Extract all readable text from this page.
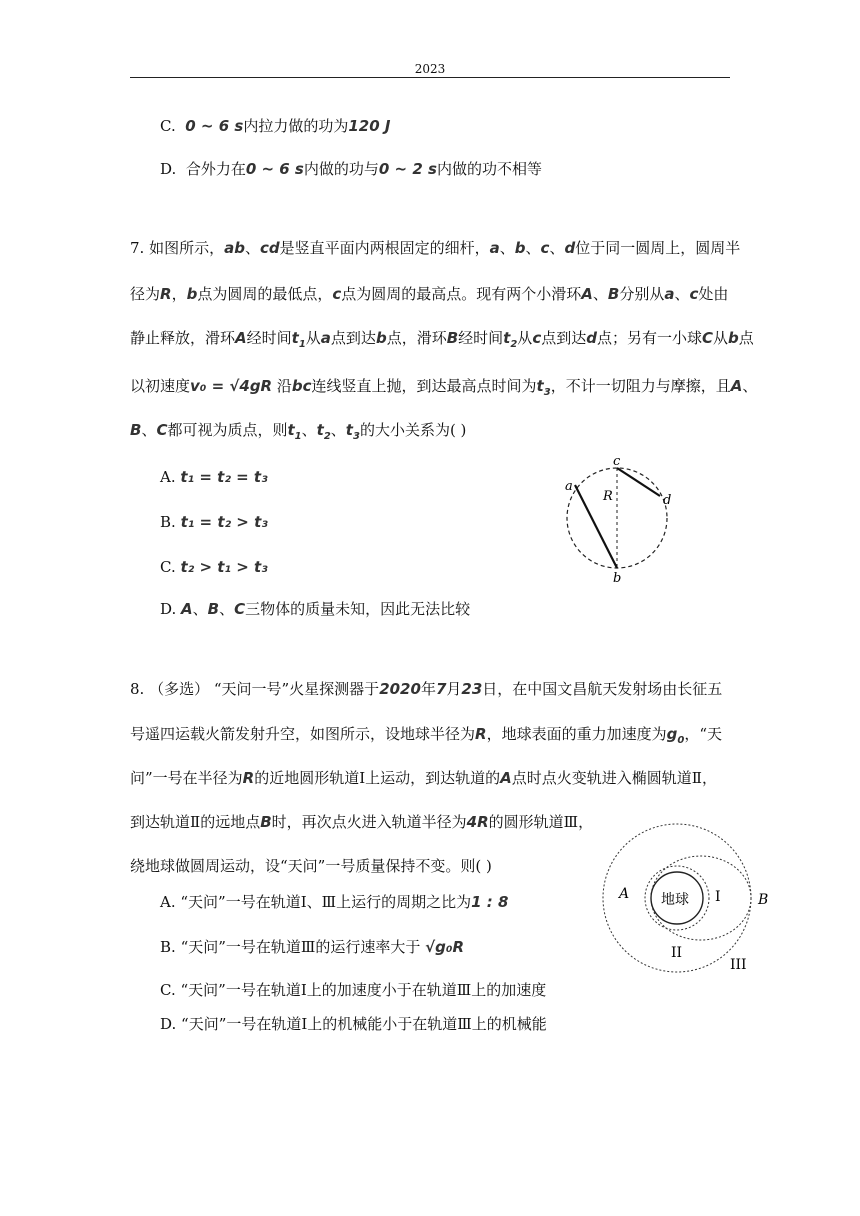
2023
C. 0 ~ 6 s内拉力做的功为120 J
D. 合外力在0 ~ 6 s内做的功与0 ~ 2 s内做的功不相等
7. 如图所示，ab、cd是竖直平面内两根固定的细杆，a、b、c、d位于同一圆周上，圆周半
径为R，b点为圆周的最低点，c点为圆周的最高点。现有两个小滑环A、B分别从a、c处由
静止释放，滑环A经时间$t_1$从a点到达b点，滑环B经时间$t_2$从c点到达d点；另有一小球C从b点
以初速度v₀ = √4gR 沿bc连线竖直上抛，到达最高点时间为$t_3$，不计一切阻力与摩擦，且A、
B、C都可视为质点，则$t_1$、$t_2$、$t_3$的大小关系为( )
A. t₁ = t₂ = t₃
B. t₁ = t₂ > t₃
C. t₂ > t₁ > t₃
D. A、B、C三物体的质量未知，因此无法比较
c
a
R	d
b
8. （多选） “天问一号”火星探测器于2020年7月23日，在中国文昌航天发射场由长征五
号遥四运载火箭发射升空，如图所示，设地球半径为R，地球表面的重力加速度为$g_0$，“天
问”一号在半径为R的近地圆形轨道Ⅰ上运动，到达轨道的A点时点火变轨进入椭圆轨道Ⅱ，
到达轨道Ⅱ的远地点B时，再次点火进入轨道半径为4R的圆形轨道Ⅲ，
绕地球做圆周运动，设“天问”一号质量保持不变。则( )
A. “天问”一号在轨道Ⅰ、Ⅲ上运行的周期之比为1 : 8
B. “天问”一号在轨道Ⅲ的运行速率大于 √g₀R
C. “天问”一号在轨道Ⅰ上的加速度小于在轨道Ⅲ上的加速度
D. “天问”一号在轨道Ⅰ上的机械能小于在轨道Ⅲ上的机械能
地球
A	I	B
II
III
